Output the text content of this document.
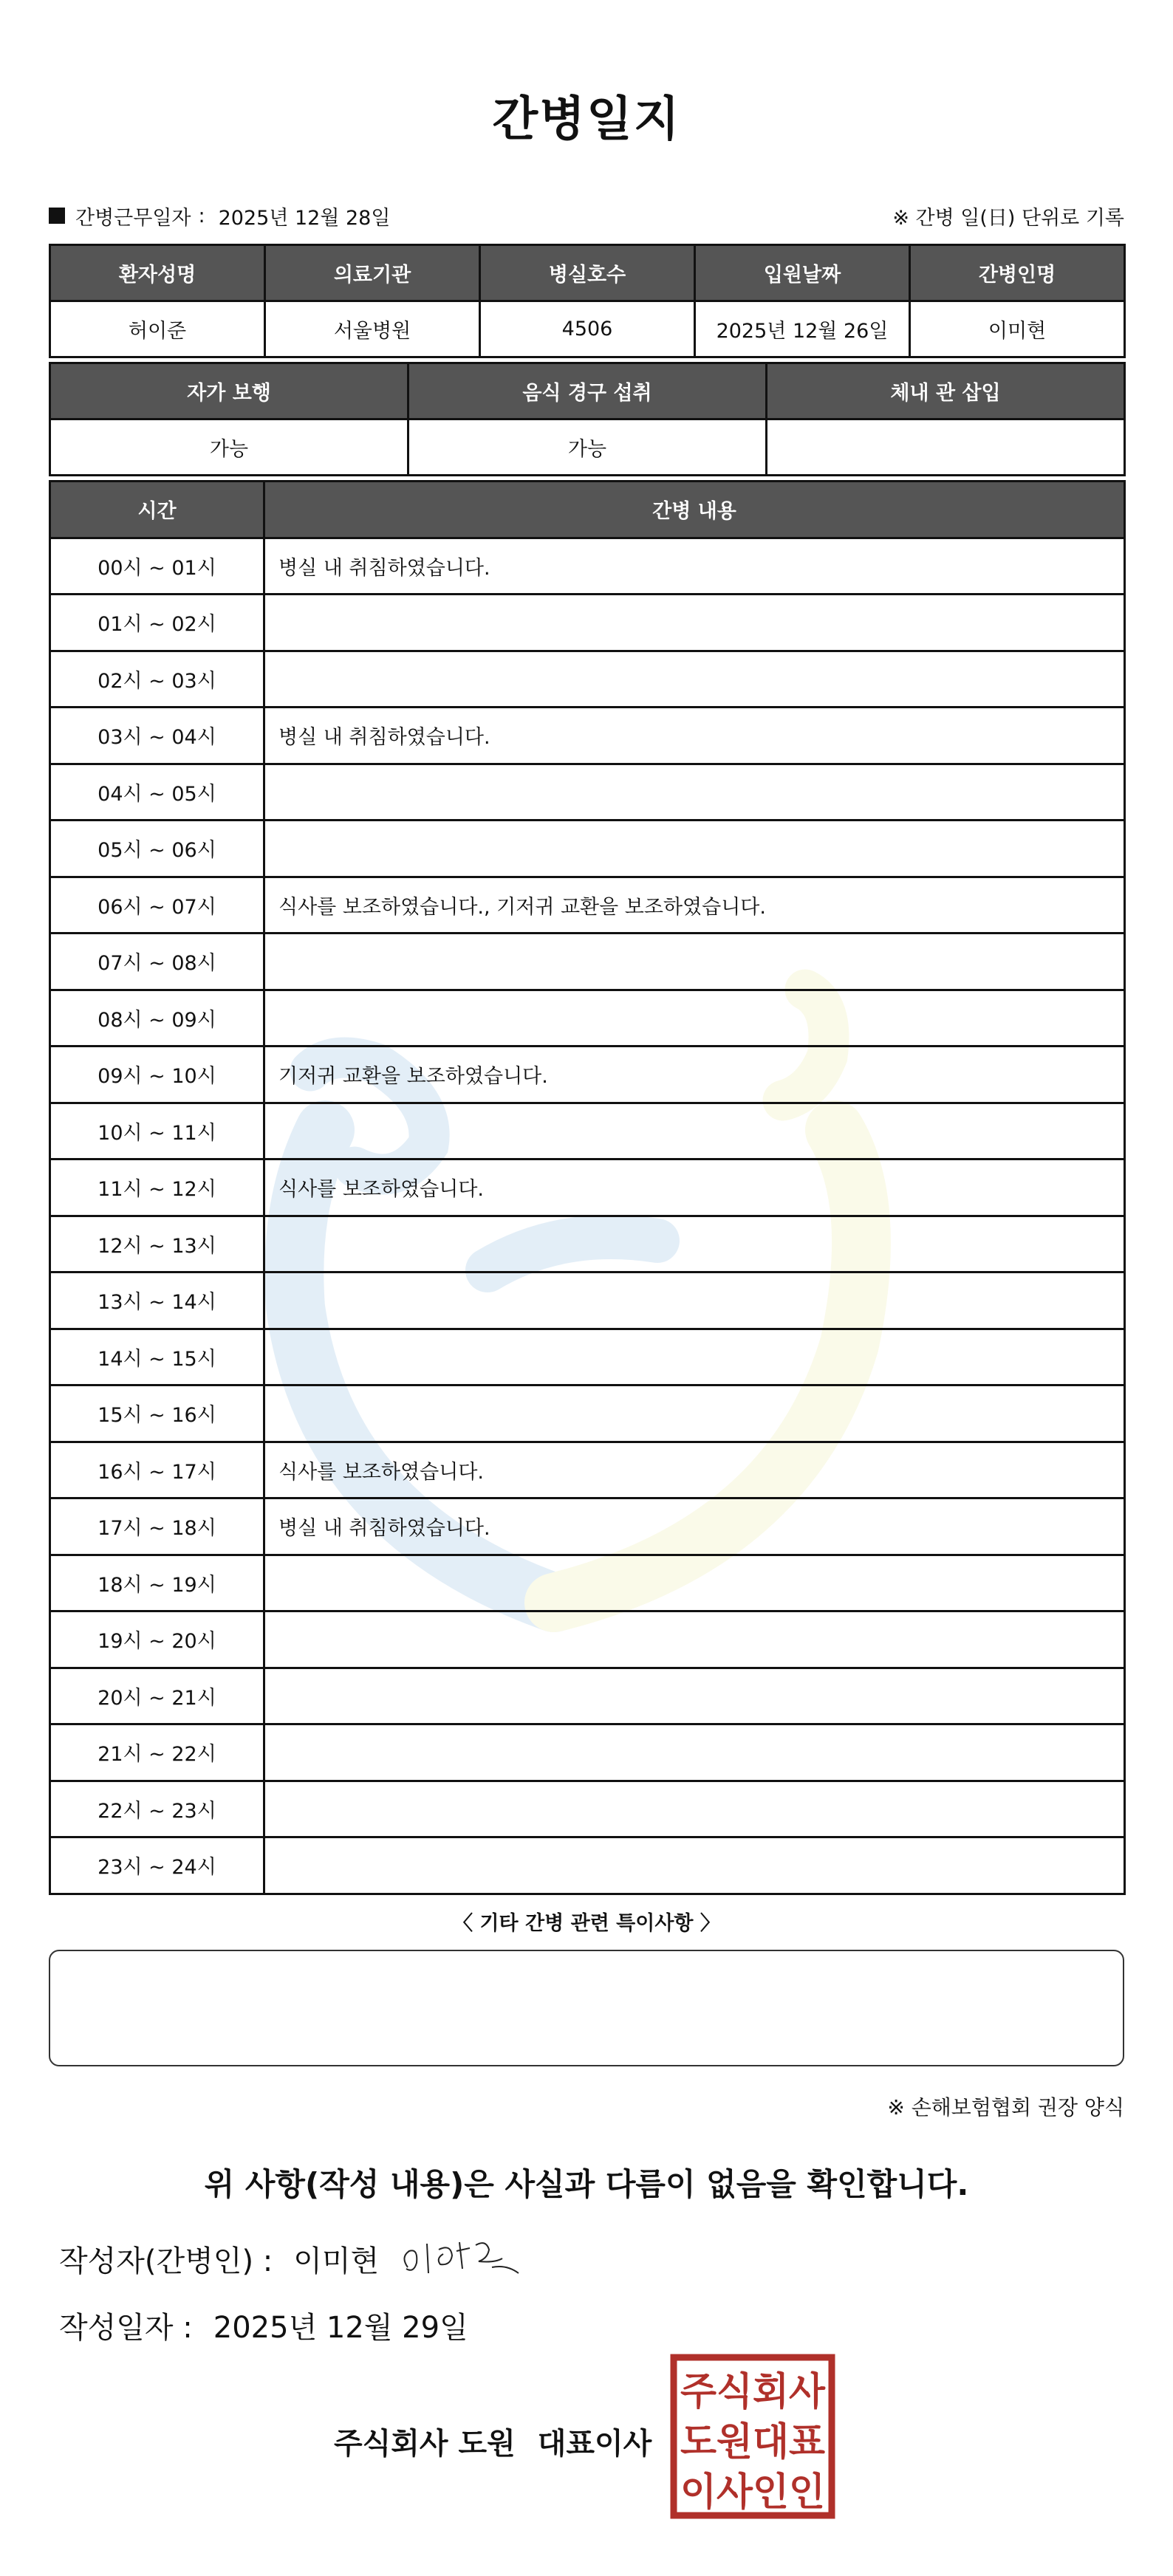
간병일지
간병근무일자 : 2025년 12월 28일	※ 간병 일(日) 단위로 기록
환자성명	의료기관	병실호수	입원날짜	간병인명
허이준	서울병원	4506	2025년 12월 26일	이미현
자가 보행	음식 경구 섭취	체내 관 삽입
가능	가능	
시간	간병 내용
00시 ~ 01시	병실 내 취침하였습니다.
01시 ~ 02시	
02시 ~ 03시	
03시 ~ 04시	병실 내 취침하였습니다.
04시 ~ 05시	
05시 ~ 06시	
06시 ~ 07시	식사를 보조하였습니다., 기저귀 교환을 보조하였습니다.
07시 ~ 08시	
08시 ~ 09시	
09시 ~ 10시	기저귀 교환을 보조하였습니다.
10시 ~ 11시	
11시 ~ 12시	식사를 보조하였습니다.
12시 ~ 13시	
13시 ~ 14시	
14시 ~ 15시	
15시 ~ 16시	
16시 ~ 17시	식사를 보조하였습니다.
17시 ~ 18시	병실 내 취침하였습니다.
18시 ~ 19시	
19시 ~ 20시	
20시 ~ 21시	
21시 ~ 22시	
22시 ~ 23시	
23시 ~ 24시	
〈 기타 간병 관련 특이사항 〉
※ 손해보험협회 권장 양식
위 사항(작성 내용)은 사실과 다름이 없음을 확인합니다.
작성자(간병인) : 이미현
작성일자 : 2025년 12월 29일
주식회사 도원 대표이사
주식회사
도원대표
이사인인
